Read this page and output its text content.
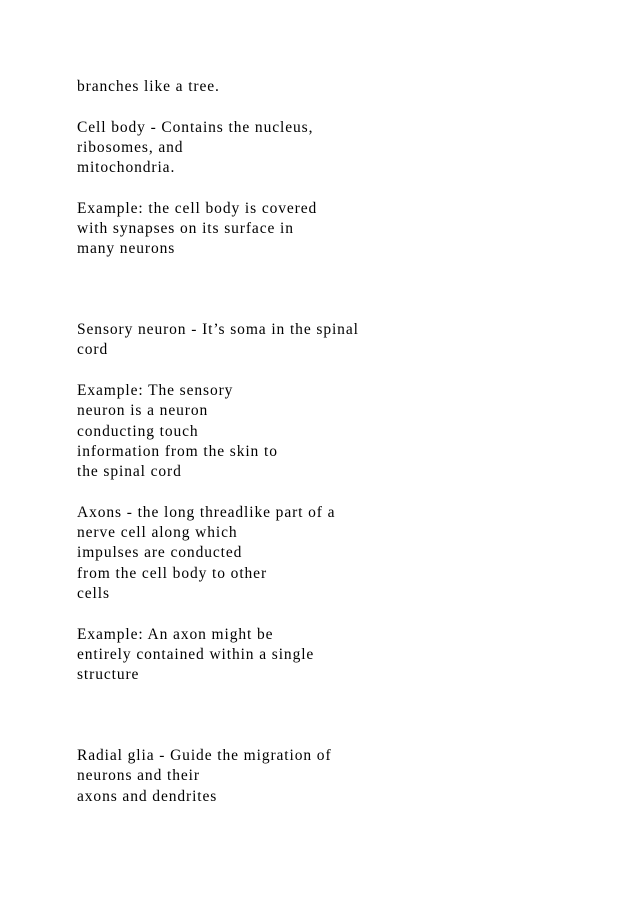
branches like a tree.

Cell body - Contains the nucleus,

ribosomes, and

mitochondria.

Example: the cell body is covered

with synapses on its surface in

many neurons

Sensory neuron - It’s soma in the spinal

cord

Example: The sensory

neuron is a neuron

conducting touch

information from the skin to

the spinal cord

Axons - the long threadlike part of a

nerve cell along which

impulses are conducted

from the cell body to other

cells

Example: An axon might be

entirely contained within a single

structure

Radial glia - Guide the migration of

neurons and their

axons and dendrites
